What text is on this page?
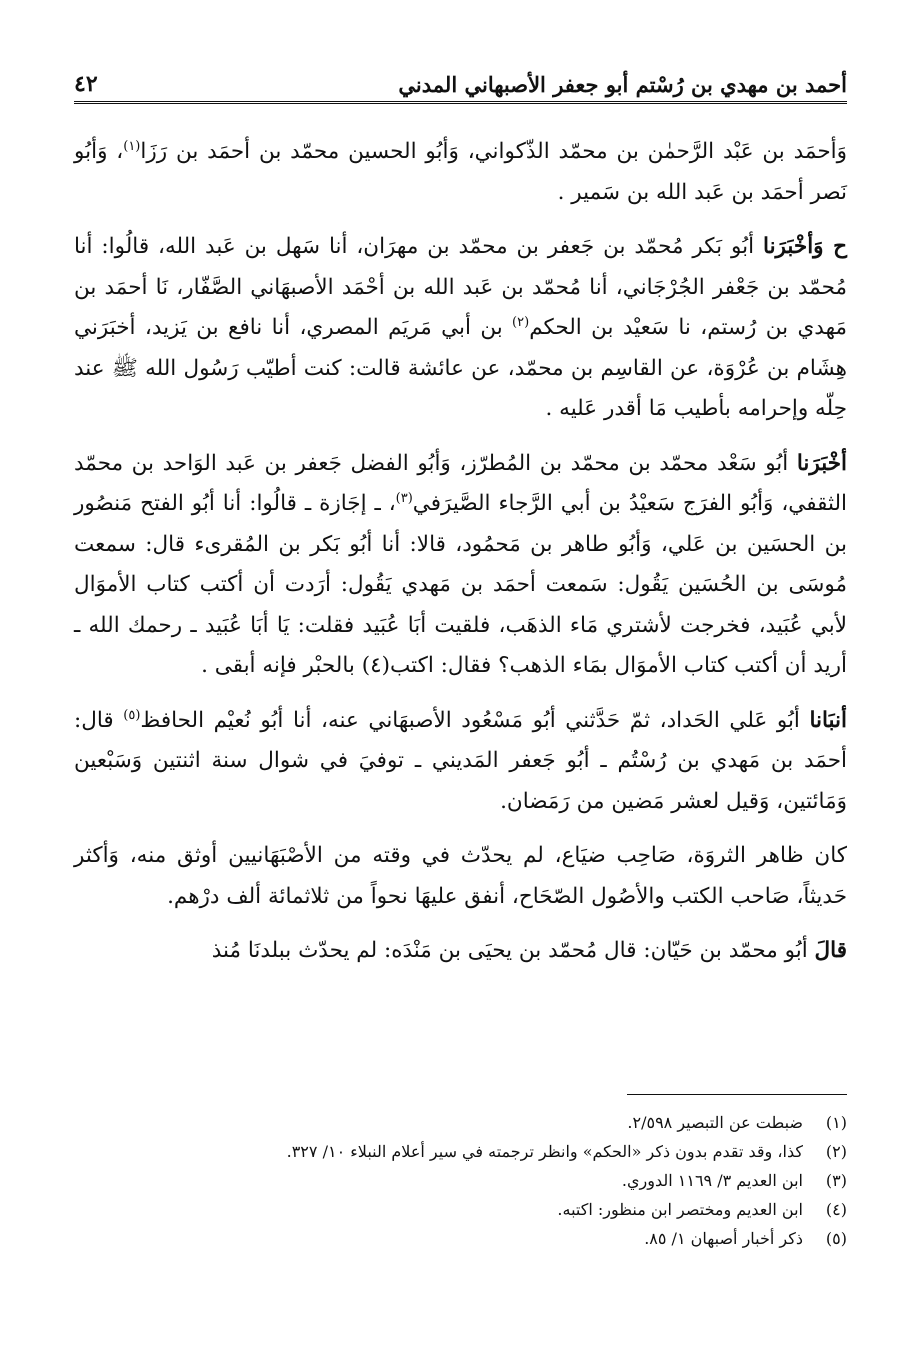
أحمد بن مهدي بن رُسْتم أبو جعفر الأصبهاني المدني
٤٢

وَأحمَد بن عَبْد الرَّحمٰن بن محمّد الذّكواني، وَأبُو الحسين محمّد بن أحمَد بن رَزَا$^{(١)}$، وَأبُو نَصر أحمَد بن عَبد الله بن سَمير .

ح وَأخْبَرَنا أبُو بَكر مُحمّد بن جَعفر بن محمّد بن مهرَان، أنا سَهل بن عَبد الله، قالُوا: أنا مُحمّد بن جَعْفر الجُرْجَاني، أنا مُحمّد بن عَبد الله بن أحْمَد الأصبهَاني الصَّفّار، نَا أحمَد بن مَهدي بن رُستم، نا سَعيْد بن الحكم$^{(٢)}$ بن أبي مَريَم المصري، أنا نافع بن يَزيد، أخبَرَني هِشَام بن عُرْوَة، عن القاسِم بن محمّد، عن عائشة قالت: كنت أطيّب رَسُول الله ﷺ عند حِلّه وإحرامه بأطيب مَا أقدر عَليه .

أخْبَرَنا أبُو سَعْد محمّد بن محمّد بن المُطرّز، وَأبُو الفضل جَعفر بن عَبد الوَاحد بن محمّد الثقفي، وَأبُو الفرَج سَعيْدُ بن أبي الرَّجاء الصَّيرَفي$^{(٣)}$، ـ إجَازة ـ قالُوا: أنا أبُو الفتح مَنصُور بن الحسَين بن عَلي، وَأبُو طاهر بن مَحمُود، قالا: أنا أبُو بَكر بن المُقرىء قال: سمعت مُوسَى بن الحُسَين يَقُول: سَمعت أحمَد بن مَهدي يَقُول: أرَدت أن أكتب كتاب الأموَال لأبي عُبَيد، فخرجت لأشتري مَاء الذهَب، فلقيت أبَا عُبَيد فقلت: يَا أبَا عُبَيد ـ رحمك الله ـ أريد أن أكتب كتاب الأموَال بمَاء الذهب؟ فقال: اكتب(٤) بالحبْر فإنه أبقى .

أنبَانا أبُو عَلي الحَداد، ثمّ حَدَّثني أبُو مَسْعُود الأصبهَاني عنه، أنا أبُو نُعيْم الحافظ$^{(٥)}$ قال: أحمَد بن مَهدي بن رُسْتُم ـ أبُو جَعفر المَديني ـ توفيَ في شوال سنة اثنتين وَسَبْعين وَمَائتين، وَقيل لعشر مَضين من رَمَضان.

كان ظاهر الثروَة، صَاحِب ضيَاع، لم يحدّث في وقته من الأصْبَهَانيين أوثق منه، وَأكثر حَديثاً، صَاحب الكتب والأصُول الصّحَاح، أنفق عليهَا نحواً من ثلاثمائة ألف درْهم.

قالَ أبُو محمّد بن حَيّان: قال مُحمّد بن يحيَى بن مَنْدَه: لم يحدّث ببلدنَا مُنذ

(١)
ضبطت عن التبصير ٢/٥٩٨.
(٢)
كذا، وقد تقدم بدون ذكر «الحكم» وانظر ترجمته في سير أعلام النبلاء ١٠/ ٣٢٧.
(٣)
ابن العديم ٣/ ١١٦٩ الدوري.
(٤)
ابن العديم ومختصر ابن منظور: اكتبه.
(٥)
ذكر أخبار أصبهان ١/ ٨٥.
